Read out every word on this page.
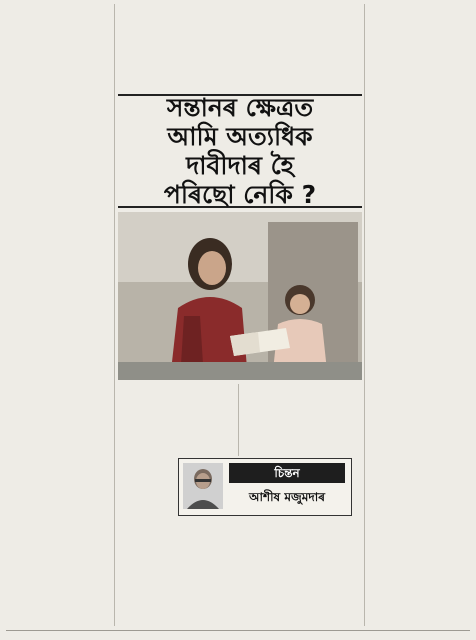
সন্তানৰ ক্ষেত্ৰত
আমি অত্যধিক
দাবীদাৰ হৈ
পৰিছো নেকি ?
চিন্তন
আশীষ মজুমদাৰ
